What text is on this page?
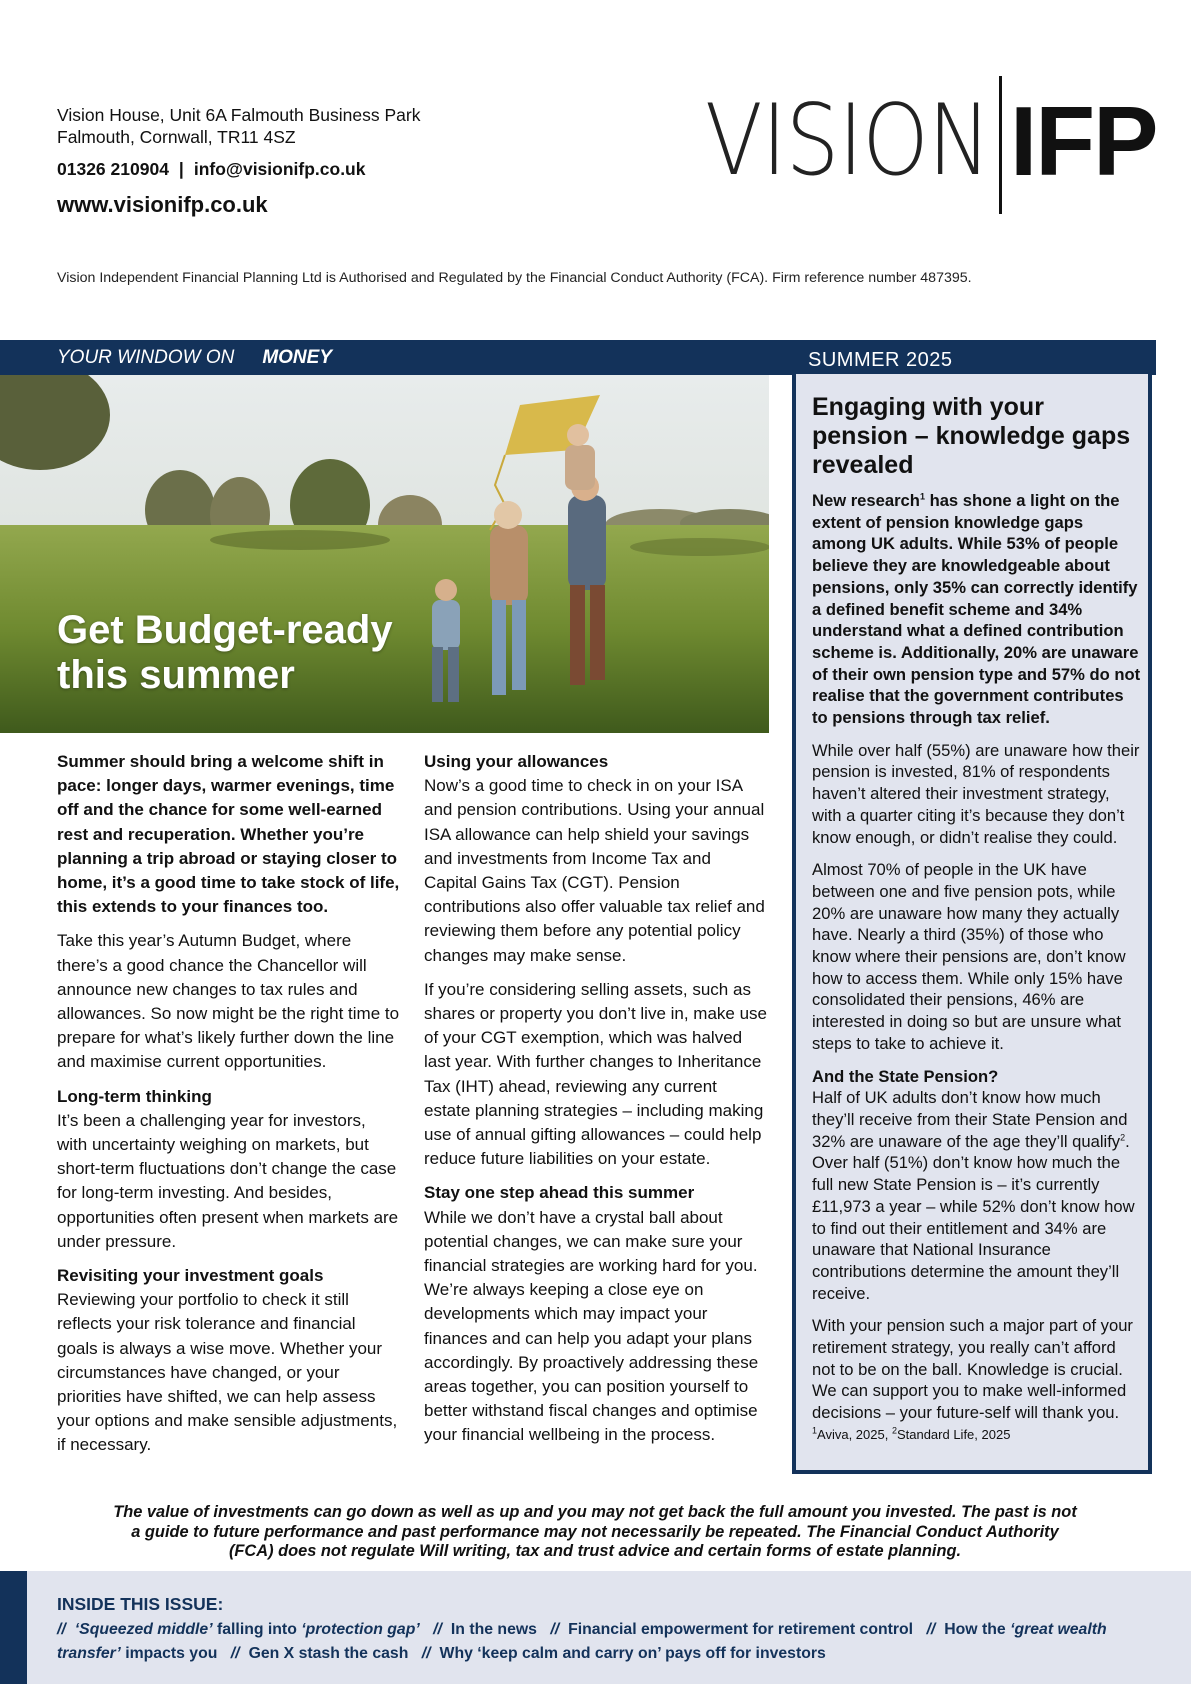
Vision House, Unit 6A Falmouth Business Park
Falmouth, Cornwall, TR11 4SZ
01326 210904 | info@visionifp.co.uk
www.visionifp.co.uk
VISION IFP
Vision Independent Financial Planning Ltd is Authorised and Regulated by the Financial Conduct Authority (FCA). Firm reference number 487395.
YOUR WINDOW ON MONEY	SUMMER 2025
Get Budget-ready
this summer

Summer should bring a welcome shift in pace: longer days, warmer evenings, time off and the chance for some well-earned rest and recuperation. Whether you’re planning a trip abroad or staying closer to home, it’s a good time to take stock of life, this extends to your finances too.

Take this year’s Autumn Budget, where there’s a good chance the Chancellor will announce new changes to tax rules and allowances. So now might be the right time to prepare for what’s likely further down the line and maximise current opportunities.

Long-term thinking

It’s been a challenging year for investors, with uncertainty weighing on markets, but short-term fluctuations don’t change the case for long-term investing. And besides, opportunities often present when markets are under pressure.

Revisiting your investment goals

Reviewing your portfolio to check it still reflects your risk tolerance and financial goals is always a wise move. Whether your circumstances have changed, or your priorities have shifted, we can help assess your options and make sensible adjustments, if necessary.

Using your allowances

Now’s a good time to check in on your ISA and pension contributions. Using your annual ISA allowance can help shield your savings and investments from Income Tax and Capital Gains Tax (CGT). Pension contributions also offer valuable tax relief and reviewing them before any potential policy changes may make sense.

If you’re considering selling assets, such as shares or property you don’t live in, make use of your CGT exemption, which was halved last year. With further changes to Inheritance Tax (IHT) ahead, reviewing any current estate planning strategies – including making use of annual gifting allowances – could help reduce future liabilities on your estate.

Stay one step ahead this summer

While we don’t have a crystal ball about potential changes, we can make sure your financial strategies are working hard for you. We’re always keeping a close eye on developments which may impact your finances and can help you adapt your plans accordingly. By proactively addressing these areas together, you can position yourself to better withstand fiscal changes and optimise your financial wellbeing in the process.

Engaging with your pension – knowledge gaps revealed

New research$^1$ has shone a light on the extent of pension knowledge gaps among UK adults. While 53% of people believe they are knowledgeable about pensions, only 35% can correctly identify a defined benefit scheme and 34% understand what a defined contribution scheme is. Additionally, 20% are unaware of their own pension type and 57% do not realise that the government contributes to pensions through tax relief.

While over half (55%) are unaware how their pension is invested, 81% of respondents haven’t altered their investment strategy, with a quarter citing it’s because they don’t know enough, or didn’t realise they could.

Almost 70% of people in the UK have between one and five pension pots, while 20% are unaware how many they actually have. Nearly a third (35%) of those who know where their pensions are, don’t know how to access them. While only 15% have consolidated their pensions, 46% are interested in doing so but are unsure what steps to take to achieve it.

And the State Pension?

Half of UK adults don’t know how much they’ll receive from their State Pension and 32% are unaware of the age they’ll qualify$^2$. Over half (51%) don’t know how much the full new State Pension is – it’s currently £11,973 a year – while 52% don’t know how to find out their entitlement and 34% are unaware that National Insurance contributions determine the amount they’ll receive.

With your pension such a major part of your retirement strategy, you really can’t afford not to be on the ball. Knowledge is crucial. We can support you to make well-informed decisions – your future-self will thank you.

$^1$Aviva, 2025, $^2$Standard Life, 2025
The value of investments can go down as well as up and you may not get back the full amount you invested. The past is not a guide to future performance and past performance may not necessarily be repeated. The Financial Conduct Authority (FCA) does not regulate Will writing, tax and trust advice and certain forms of estate planning.
INSIDE THIS ISSUE:
// ‘Squeezed middle’ falling into ‘protection gap’ // In the news // Financial empowerment for retirement control // How the ‘great wealth transfer’ impacts you // Gen X stash the cash // Why ‘keep calm and carry on’ pays off for investors
